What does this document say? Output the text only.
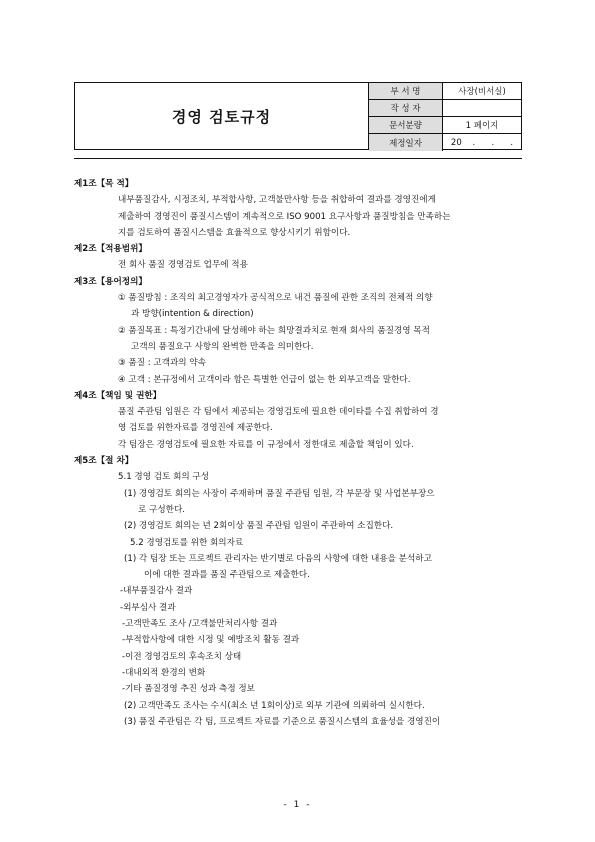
경영 검토규정
부 서 명	사장(비서실)
작 성 자
문서분량	1 페이지
제정일자	20    .      .      .
제1조【목 적】
내부품질감사, 시정조치, 부적합사항, 고객불만사항 등을 취합하여 결과를 경영진에게
제출하여 경영진이 품질시스템이 계속적으로 ISO 9001 요구사항과 품질방침을 만족하는
지를 검토하여 품질시스템을 효율적으로 향상시키기 위함이다.
제2조【적용범위】
전 회사 품질 경영검토 업무에 적용
제3조【용어정의】
① 품질방침 : 조직의 최고경영자가 공식적으로 내건 품질에 관한 조직의 전체적 의향
과 방향(intention & direction)
② 품질목표 : 특정기간내에 달성해야 하는 희망결과치로 현재 회사의 품질경영 목적
고객의 품질요구 사항의 완벽한 만족을 의미한다.
③ 품질 : 고객과의 약속
④ 고객 : 본규정에서 고객이라 함은 특별한 언급이 없는 한 외부고객을 말한다.
제4조【책임 및 권한】
품질 주관팀 임원은 각 팀에서 제공되는 경영검토에 필요한 데이타를 수집 취합하여 경
영 검토를 위한자료를 경영진에 제공한다.
각 팀장은 경영검토에 필요한 자료를 이 규정에서 정한대로 제출할 책임이 있다.
제5조【절 차】
5.1 경영 검토 회의 구성
(1) 경영검토 회의는 사장이 주재하며 품질 주관팀 임원, 각 부문장 및 사업본부장으
로 구성한다.
(2) 경영검토 회의는 년 2회이상 품질 주관팀 임원이 주관하여 소집한다.
5.2 경영검토를 위한 회의자료
(1) 각 팀장 또는 프로젝트 관리자는 반기별로 다음의 사항에 대한 내용을 분석하고
이에 대한 결과를 품질 주관팀으로 제출한다.
-내부품질감사 결과
-외부심사 결과
-고객만족도 조사 /고객불만처리사항 결과
-부적합사항에 대한 시정 및 예방조치 활동 결과
-이전 경영검토의 후속조치 상태
-대내외적 환경의 변화
-기타 품질경영 추진 성과 측정 정보
(2) 고객만족도 조사는 수시(최소 년 1회이상)로 외부 기관에 의뢰하여 실시한다.
(3) 품질 주관팀은 각 팀, 프로젝트 자료를 기준으로 품질시스템의 효율성을 경영진이
- 1 -
